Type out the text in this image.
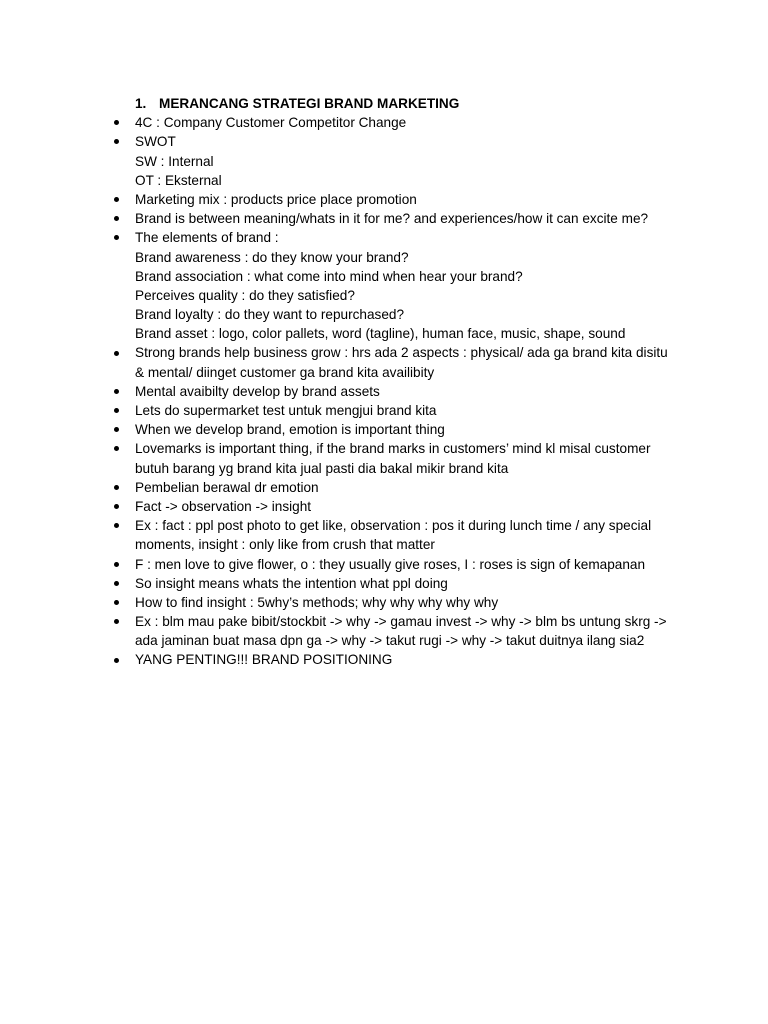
1. MERANCANG STRATEGI BRAND MARKETING
4C : Company Customer Competitor Change
SWOT
SW : Internal
OT : Eksternal
Marketing mix : products price place promotion
Brand is between meaning/whats in it for me? and experiences/how it can excite me?
The elements of brand :
Brand awareness : do they know your brand?
Brand association : what come into mind when hear your brand?
Perceives quality : do they satisfied?
Brand loyalty : do they want to repurchased?
Brand asset : logo, color pallets, word (tagline), human face, music, shape, sound
Strong brands help business grow : hrs ada 2 aspects : physical/ ada ga brand kita disitu
& mental/ diinget customer ga brand kita availibity
Mental avaibilty develop by brand assets
Lets do supermarket test untuk mengjui brand kita
When we develop brand, emotion is important thing
Lovemarks is important thing, if the brand marks in customers’ mind kl misal customer
butuh barang yg brand kita jual pasti dia bakal mikir brand kita
Pembelian berawal dr emotion
Fact -> observation -> insight
Ex : fact : ppl post photo to get like, observation : pos it during lunch time / any special
moments, insight : only like from crush that matter
F : men love to give flower, o : they usually give roses, I : roses is sign of kemapanan
So insight means whats the intention what ppl doing
How to find insight : 5why’s methods; why why why why why
Ex : blm mau pake bibit/stockbit -> why -> gamau invest -> why -> blm bs untung skrg ->
ada jaminan buat masa dpn ga -> why -> takut rugi -> why -> takut duitnya ilang sia2
YANG PENTING!!! BRAND POSITIONING
